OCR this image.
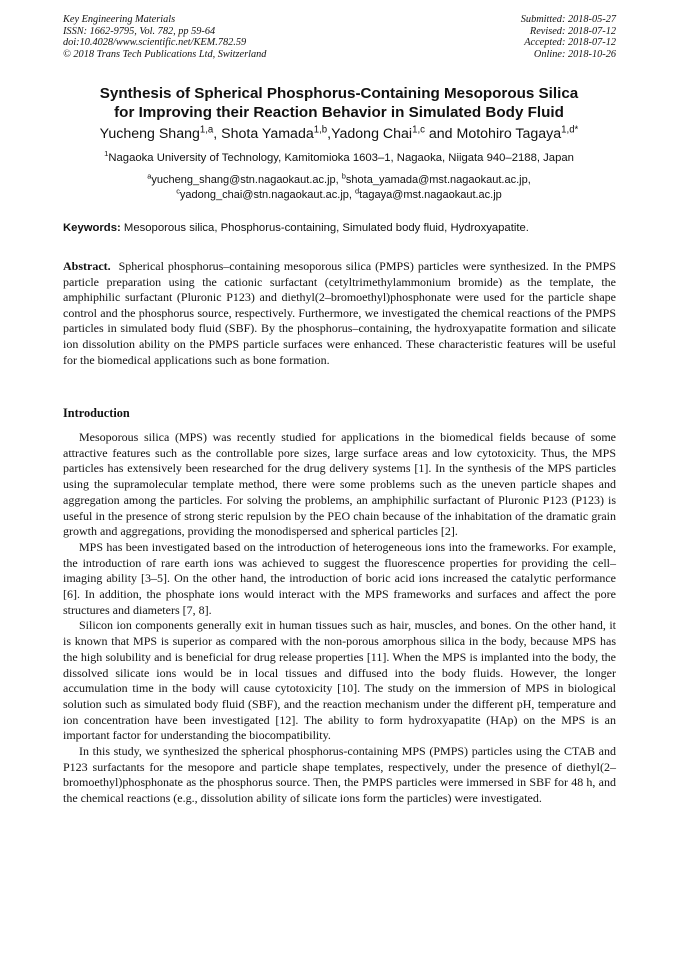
Key Engineering Materials
ISSN: 1662-9795, Vol. 782, pp 59-64
doi:10.4028/www.scientific.net/KEM.782.59
© 2018 Trans Tech Publications Ltd, Switzerland
Submitted: 2018-05-27
Revised: 2018-07-12
Accepted: 2018-07-12
Online: 2018-10-26
Synthesis of Spherical Phosphorus-Containing Mesoporous Silica
for Improving their Reaction Behavior in Simulated Body Fluid
Yucheng Shang$^{1,a}$, Shota Yamada$^{1,b}$,Yadong Chai$^{1,c}$ and Motohiro Tagaya$^{1,d*}$
$^1$Nagaoka University of Technology, Kamitomioka 1603–1, Nagaoka, Niigata 940–2188, Japan
$^a$yucheng_shang@stn.nagaokaut.ac.jp, $^b$shota_yamada@mst.nagaokaut.ac.jp,
$^c$yadong_chai@stn.nagaokaut.ac.jp, $^d$tagaya@mst.nagaokaut.ac.jp
Keywords: Mesoporous silica, Phosphorus-containing, Simulated body fluid, Hydroxyapatite.
Abstract. Spherical phosphorus–containing mesoporous silica (PMPS) particles were synthesized. In the PMPS particle preparation using the cationic surfactant (cetyltrimethylammonium bromide) as the template, the amphiphilic surfactant (Pluronic P123) and diethyl(2–bromoethyl)phosphonate were used for the particle shape control and the phosphorus source, respectively. Furthermore, we investigated the chemical reactions of the PMPS particles in simulated body fluid (SBF). By the phosphorus–containing, the hydroxyapatite formation and silicate ion dissolution ability on the PMPS particle surfaces were enhanced. These characteristic features will be useful for the biomedical applications such as bone formation.
Introduction

Mesoporous silica (MPS) was recently studied for applications in the biomedical fields because of some attractive features such as the controllable pore sizes, large surface areas and low cytotoxicity. Thus, the MPS particles has extensively been researched for the drug delivery systems [1]. In the synthesis of the MPS particles using the supramolecular template method, there were some problems such as the uneven particle shapes and aggregation among the particles. For solving the problems, an amphiphilic surfactant of Pluronic P123 (P123) is useful in the presence of strong steric repulsion by the PEO chain because of the inhabitation of the dramatic grain growth and aggregations, providing the monodispersed and spherical particles [2].

MPS has been investigated based on the introduction of heterogeneous ions into the frameworks. For example, the introduction of rare earth ions was achieved to suggest the fluorescence properties for providing the cell–imaging ability [3–5]. On the other hand, the introduction of boric acid ions increased the catalytic performance [6]. In addition, the phosphate ions would interact with the MPS frameworks and surfaces and affect the pore structures and diameters [7, 8].

Silicon ion components generally exit in human tissues such as hair, muscles, and bones. On the other hand, it is known that MPS is superior as compared with the non-porous amorphous silica in the body, because MPS has the high solubility and is beneficial for drug release properties [11]. When the MPS is implanted into the body, the dissolved silicate ions would be in local tissues and diffused into the body fluids. However, the longer accumulation time in the body will cause cytotoxicity [10]. The study on the immersion of MPS in biological solution such as simulated body fluid (SBF), and the reaction mechanism under the different pH, temperature and ion concentration have been investigated [12]. The ability to form hydroxyapatite (HAp) on the MPS is an important factor for understanding the biocompatibility.

In this study, we synthesized the spherical phosphorus-containing MPS (PMPS) particles using the CTAB and P123 surfactants for the mesopore and particle shape templates, respectively, under the presence of diethyl(2–bromoethyl)phosphonate as the phosphorus source. Then, the PMPS particles were immersed in SBF for 48 h, and the chemical reactions (e.g., dissolution ability of silicate ions form the particles) were investigated.
